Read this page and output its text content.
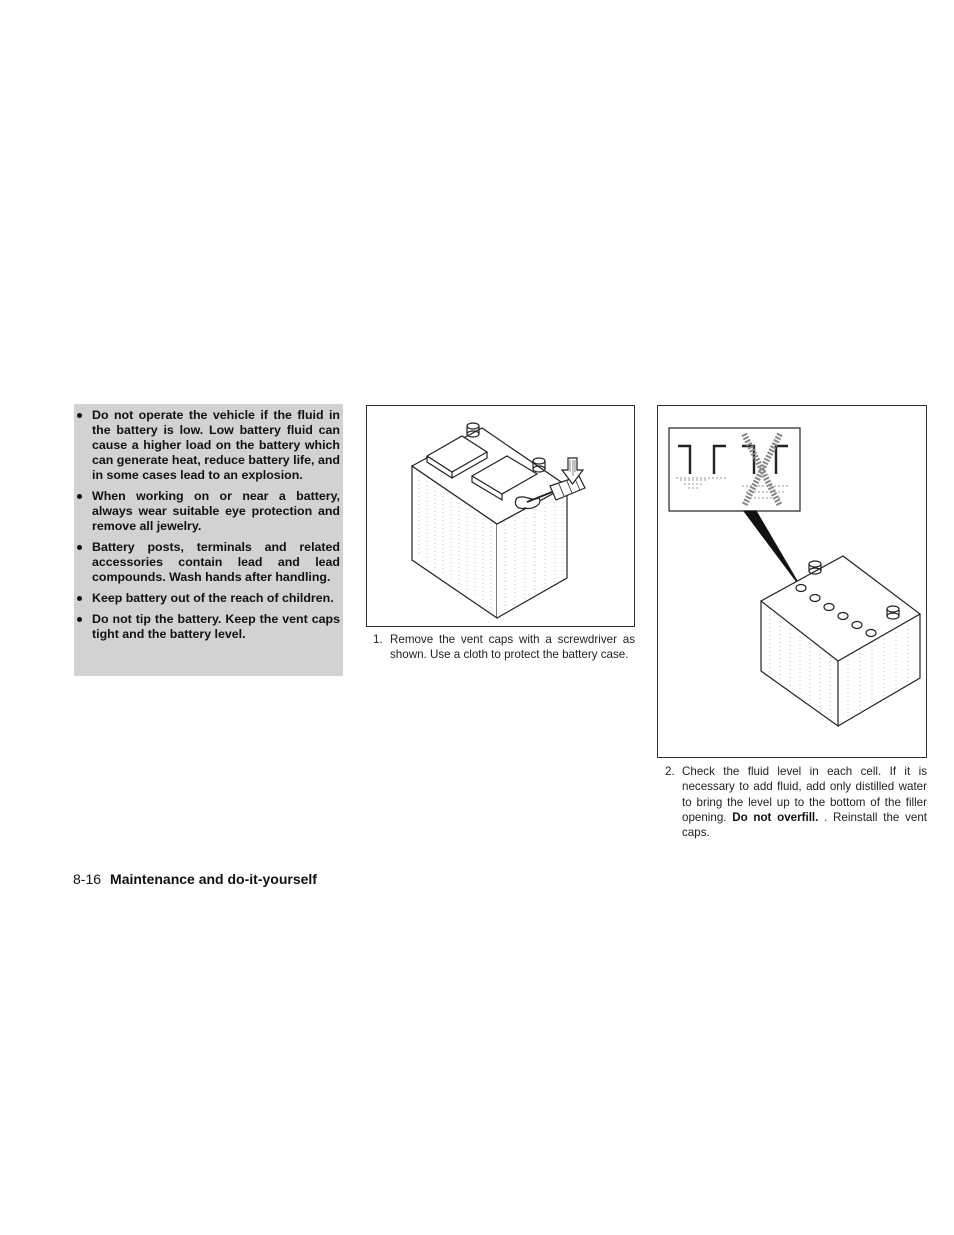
Do not operate the vehicle if the fluid in the battery is low. Low battery fluid can cause a higher load on the battery which can generate heat, reduce battery life, and in some cases lead to an explosion.
When working on or near a battery, always wear suitable eye protection and remove all jewelry.
Battery posts, terminals and related accessories contain lead and lead compounds. Wash hands after handling.
Keep battery out of the reach of children.
Do not tip the battery. Keep the vent caps tight and the battery level.	1. Remove the vent caps with a screwdriver as shown. Use a cloth to protect the battery case.
2. Check the fluid level in each cell. If it is necessary to add fluid, add only distilled water to bring the level up to the bottom of the filler opening. Do not overfill. . Reinstall the vent caps.
8-16 Maintenance and do-it-yourself
